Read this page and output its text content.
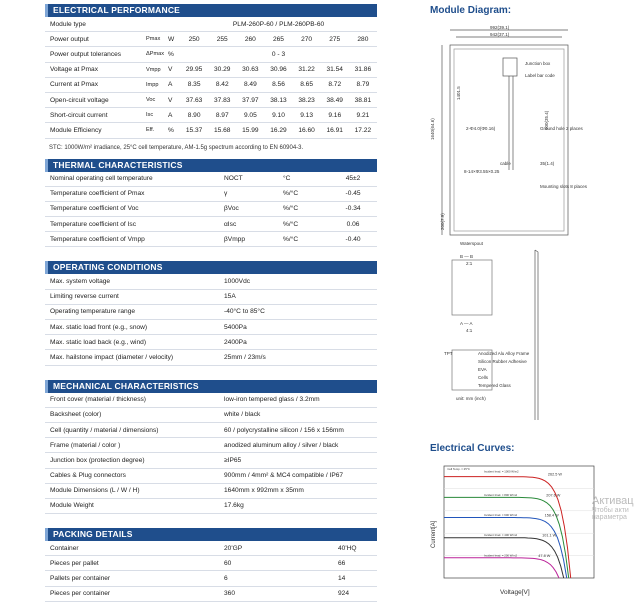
ELECTRICAL PERFORMANCE
Module type			PLM-260P-60 / PLM-260PB-60						
Power output	Pmax	W	250	255	260	265	270	275	280
Power output tolerances	ΔPmax	%	0 - 3						
Voltage at Pmax	Vmpp	V	29.95	30.29	30.63	30.96	31.22	31.54	31.86
Current at Pmax	Impp	A	8.35	8.42	8.49	8.56	8.65	8.72	8.79
Open-circuit voltage	Voc	V	37.63	37.83	37.97	38.13	38.23	38.49	38.81
Short-circuit current	Isc	A	8.90	8.97	9.05	9.10	9.13	9.16	9.21
Module Efficiency	Eff.	%	15.37	15.68	15.99	16.29	16.60	16.91	17.22
STC: 1000W/m² irradiance, 25°C cell temperature, AM-1.5g spectrum according to EN 60904-3.
THERMAL CHARACTERISTICS
Nominal operating cell temperature	NOCT	°C	45±2
Temperature coefficient of Pmax	γ	%/°C	-0.45
Temperature coefficient of Voc	βVoc	%/°C	-0.34
Temperature coefficient of Isc	αIsc	%/°C	0.06
Temperature coefficient of Vmpp	βVmpp	%/°C	-0.40
OPERATING CONDITIONS
Max. system voltage	1000Vdc
Limiting reverse current	15A
Operating temperature range	-40°C to 85°C
Max. static load front (e.g., snow)	5400Pa
Max. static load back (e.g., wind)	2400Pa
Max. hailstone impact (diameter / velocity)	25mm / 23m/s
MECHANICAL CHARACTERISTICS
Front cover (material / thickness)	low-iron tempered glass / 3.2mm
Backsheet (color)	white / black
Cell (quantity / material / dimensions)	60 / polycrystalline silicon / 156 x 156mm
Frame (material / color )	anodized aluminum alloy / silver / black
Junction box (protection degree)	≥IP65
Cables & Plug connectors	900mm / 4mm² & MC4 compatible / IP67
Module Dimensions (L / W / H)	1640mm x 992mm x 35mm
Module Weight	17.6kg
PACKING DETAILS
Container	20'GP	40'HQ
Pieces per pallet	60	66
Pallets per container	6	14
Pieces per container	360	924
Module Diagram:
992(39.1)
942(37.1)
1640(64.6)
1401.5
900(35.4)
Junction box
Label bar code
Ground hole 2 places
2-Φ4.0(Φ0.16)
8-14×Φ3.55×0.25
cable
Mounting slots 8 places
35(1.4)
200(7.9)
Waterspout
B — B
2:1
A — A
4:1
Anodized Alu Alloy Frame
Silicon Rubber Adhesive
EVA
Cells
Tempered Glass
TPT
unit: mm (inch)
Electrical Curves:
Current[A]
Voltage[V]
262.5 W
Incident Irrad. = 1000 W/m2
207.6 W
Incident Irrad. = 800 W/m2
158.4 W
Incident Irrad. = 600 W/m2
101.1 W
Incident Irrad. = 400 W/m2
47.8 W
Incident Irrad. = 200 W/m2
Cell Temp. = 25°C
Активац
Чтобы акти
параметра
